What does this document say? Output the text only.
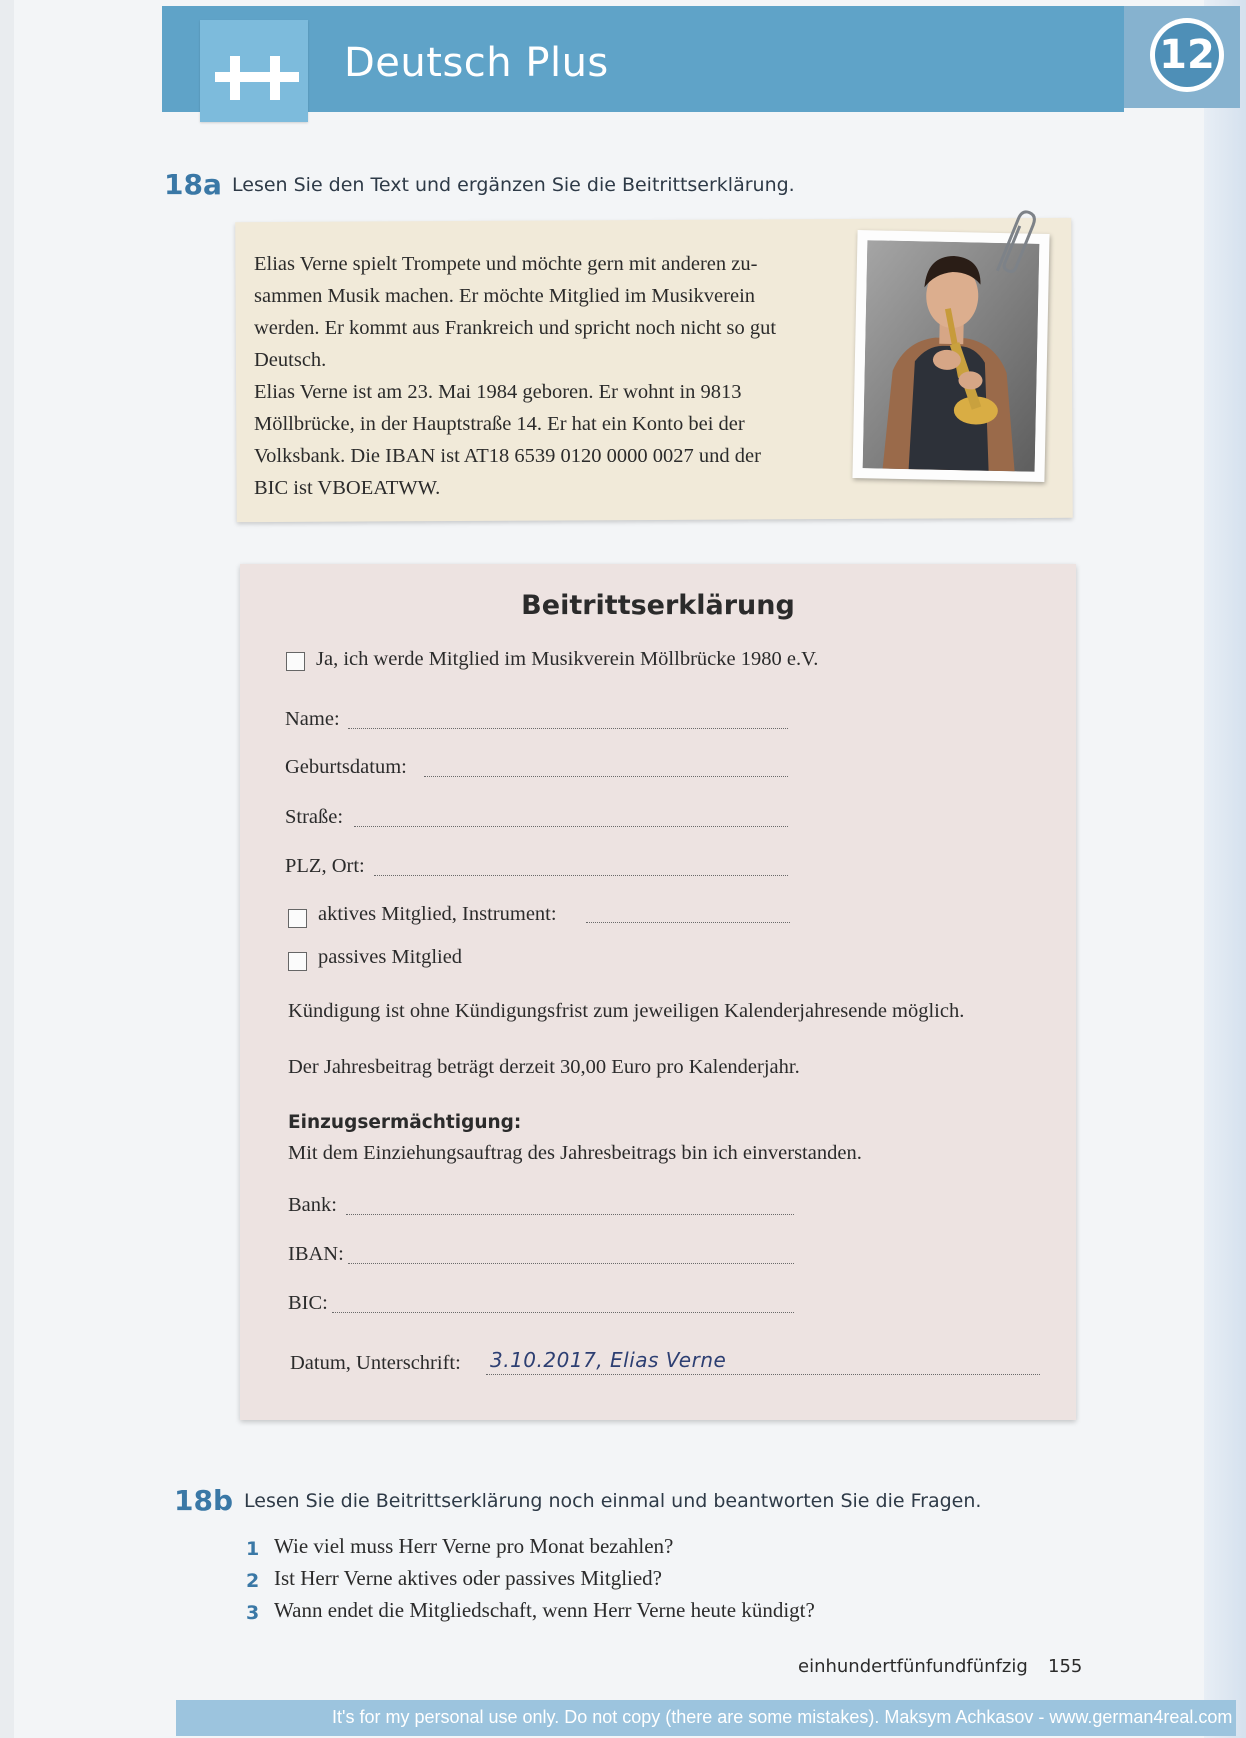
Deutsch Plus	12
18a Lesen Sie den Text und ergänzen Sie die Beitrittserklärung.

Elias Verne spielt Trompete und möchte gern mit anderen zu-

sammen Musik machen. Er möchte Mitglied im Musikverein

werden. Er kommt aus Frankreich und spricht noch nicht so gut

Deutsch.

Elias Verne ist am 23. Mai 1984 geboren. Er wohnt in 9813

Möllbrücke, in der Hauptstraße 14. Er hat ein Konto bei der

Volksbank. Die IBAN ist AT18 6539 0120 0000 0027 und der

BIC ist VBOEATWW.

Beitrittserklärung
Ja, ich werde Mitglied im Musikverein Möllbrücke 1980 e.V.
Name:
Geburtsdatum:
Straße:
PLZ, Ort:
aktives Mitglied, Instrument:
passives Mitglied
Kündigung ist ohne Kündigungsfrist zum jeweiligen Kalenderjahresende möglich.
Der Jahresbeitrag beträgt derzeit 30,00 Euro pro Kalenderjahr.
Einzugsermächtigung:
Mit dem Einziehungsauftrag des Jahresbeitrags bin ich einverstanden.
Bank:
IBAN:
BIC:
Datum, Unterschrift: 3.10.2017, Elias Verne
18b Lesen Sie die Beitrittserklärung noch einmal und beantworten Sie die Fragen.
1 Wie viel muss Herr Verne pro Monat bezahlen?
2 Ist Herr Verne aktives oder passives Mitglied?
3 Wann endet die Mitgliedschaft, wenn Herr Verne heute kündigt?
einhundertfünfundfünfzig 155
It's for my personal use only. Do not copy (there are some mistakes). Maksym Achkasov - www.german4real.com
